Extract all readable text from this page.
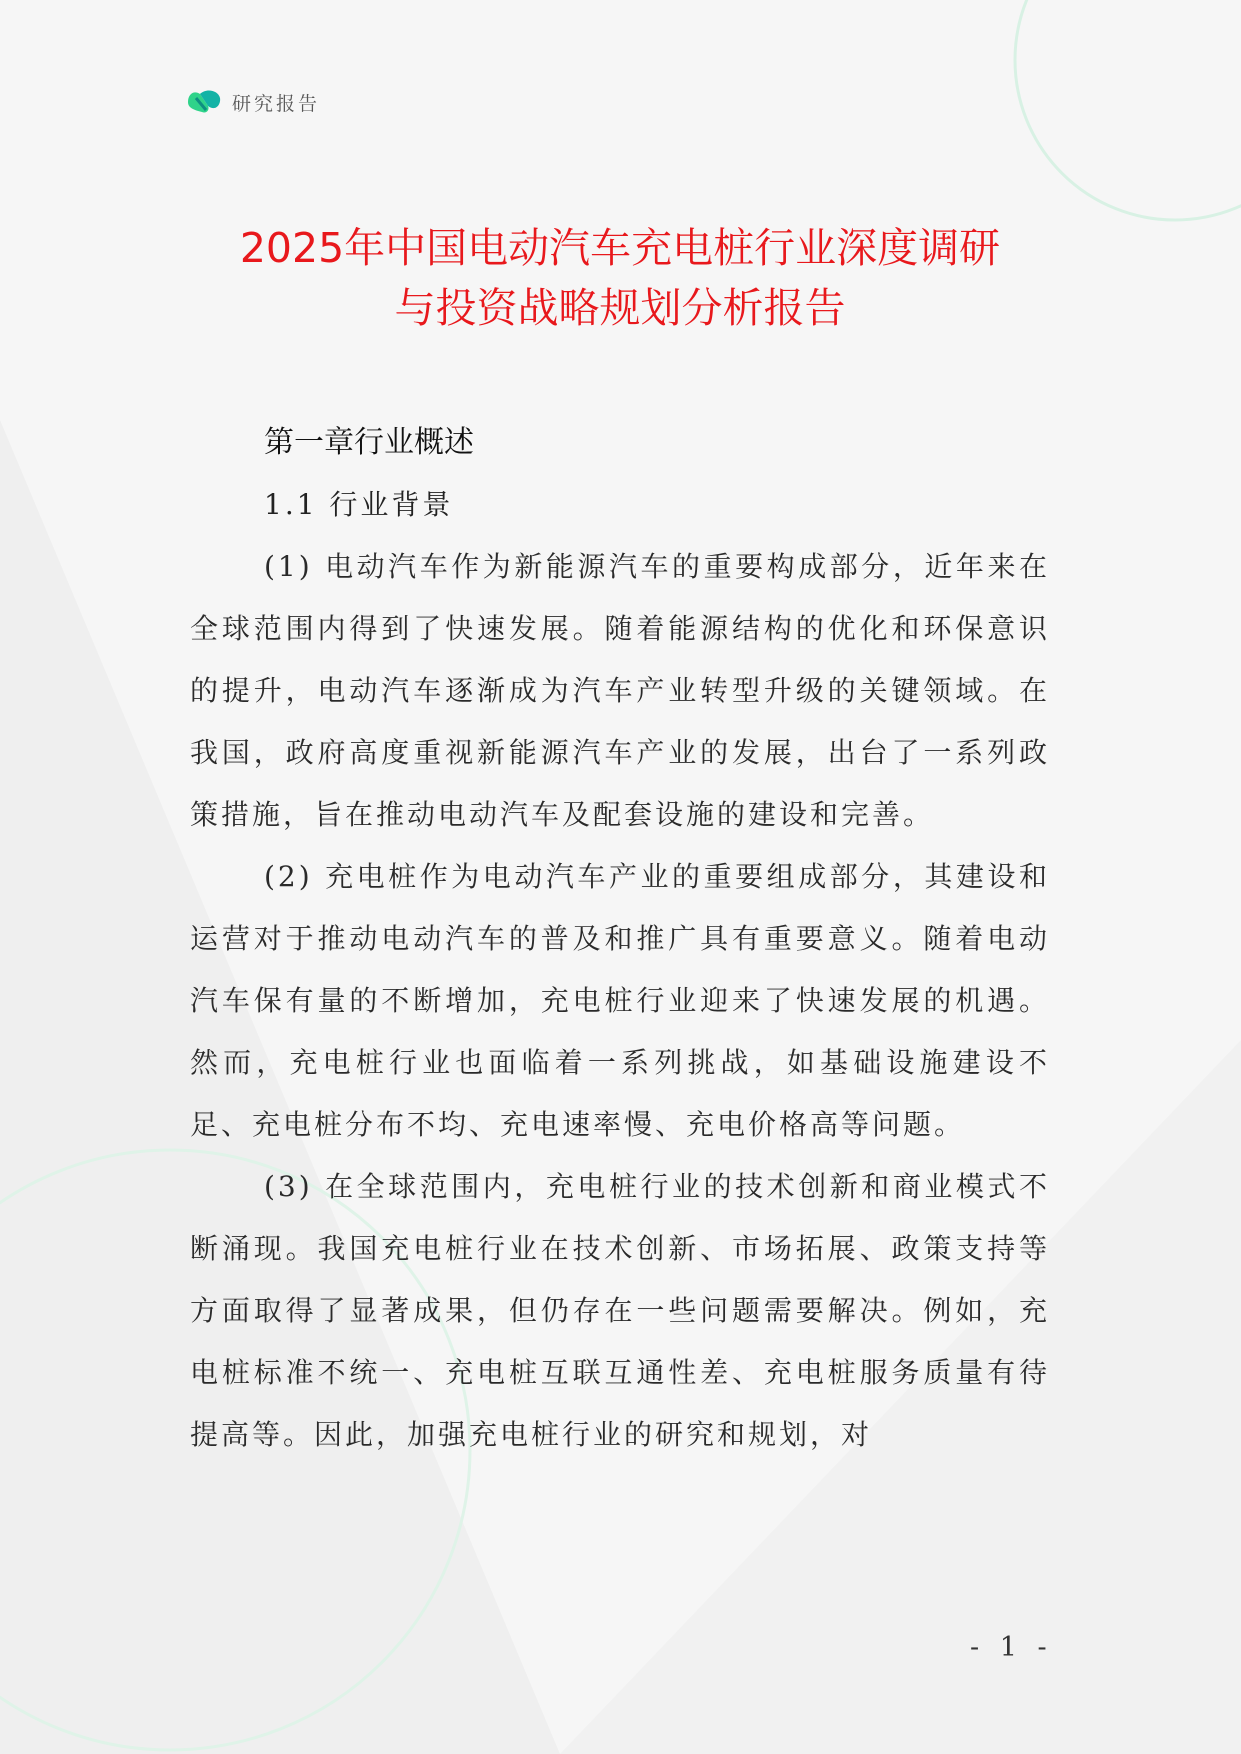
研究报告
2025年中国电动汽车充电桩行业深度调研
与投资战略规划分析报告
第一章行业概述
1.1 行业背景

(1) 电动汽车作为新能源汽车的重要构成部分，近年来在全球范围内得到了快速发展。随着能源结构的优化和环保意识的提升，电动汽车逐渐成为汽车产业转型升级的关键领域。在我国，政府高度重视新能源汽车产业的发展，出台了一系列政策措施，旨在推动电动汽车及配套设施的建设和完善。

(2) 充电桩作为电动汽车产业的重要组成部分，其建设和运营对于推动电动汽车的普及和推广具有重要意义。随着电动汽车保有量的不断增加，充电桩行业迎来了快速发展的机遇。然而，充电桩行业也面临着一系列挑战，如基础设施建设不足、充电桩分布不均、充电速率慢、充电价格高等问题。

(3) 在全球范围内，充电桩行业的技术创新和商业模式不断涌现。我国充电桩行业在技术创新、市场拓展、政策支持等方面取得了显著成果，但仍存在一些问题需要解决。例如，充电桩标准不统一、充电桩互联互通性差、充电桩服务质量有待提高等。因此，加强充电桩行业的研究和规划，对

- 1 -
